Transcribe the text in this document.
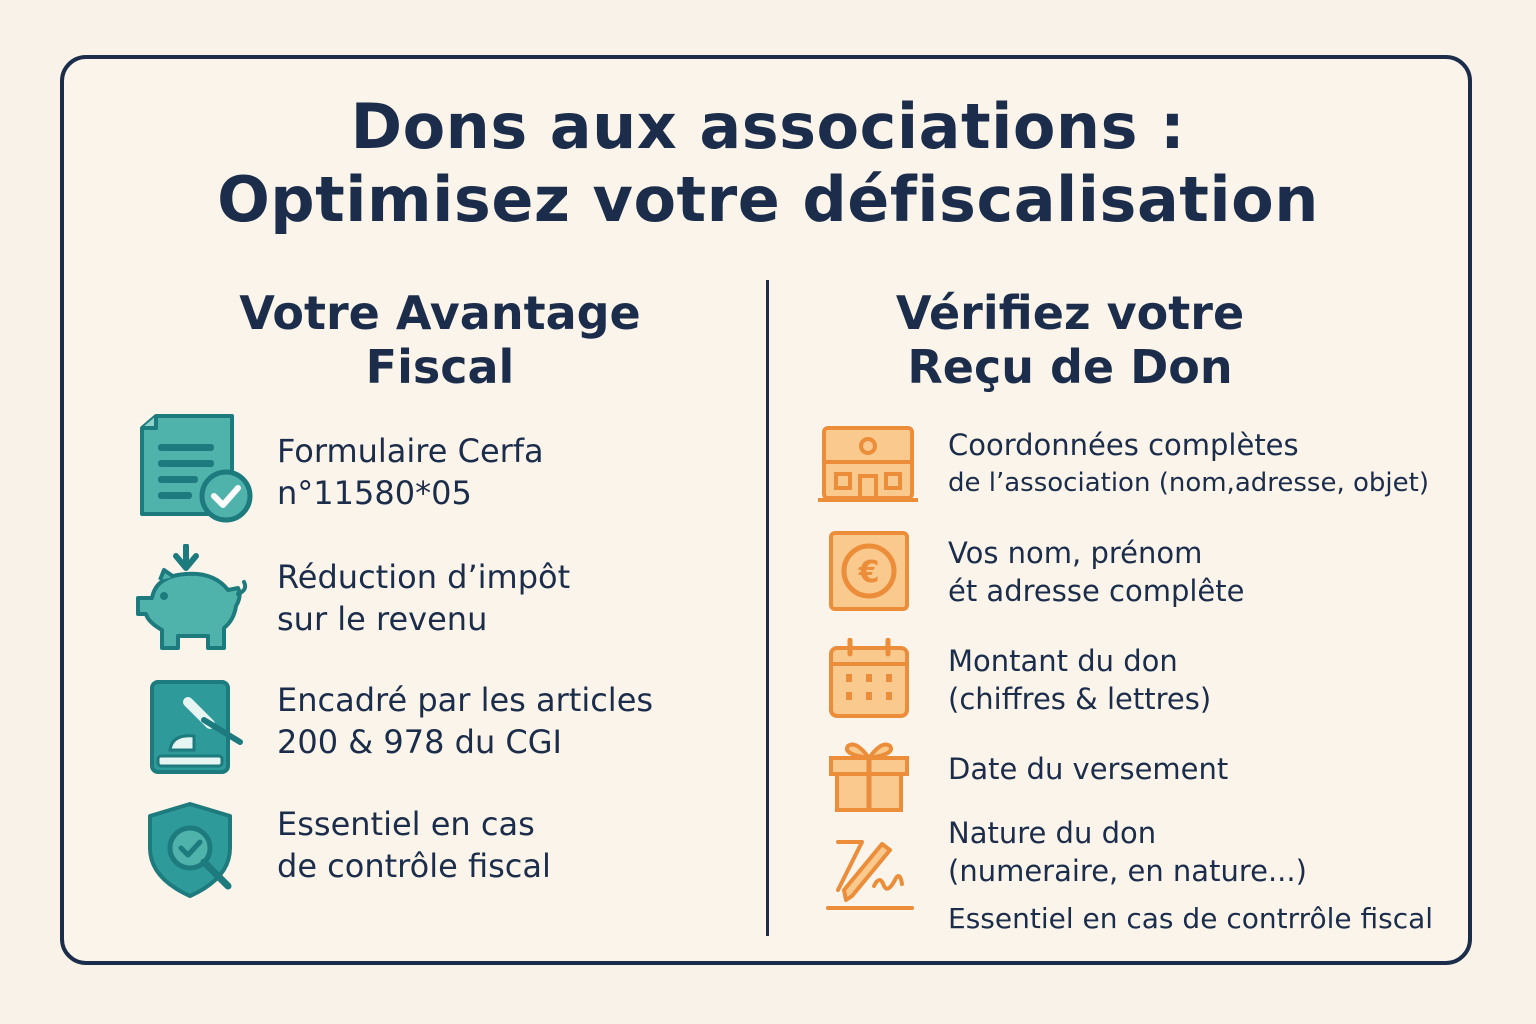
Dons aux associations :
Optimisez votre défiscalisation
Votre Avantage
Fiscal
Formulaire Cerfa
n°11580*05
Réduction d’impôt
sur le revenu
Encadré par les articles
200 & 978 du CGI
Essentiel en cas
de contrôle fiscal
Vérifiez votre
Reçu de Don
Coordonnées complètes
de l’association (nom,adresse, objet)
€
Vos nom, prénom
ét adresse complête
Montant du don
(chiffres & lettres)
Date du versement
Nature du don
(numeraire, en nature...)
Essentiel en cas de contrrôle fiscal
